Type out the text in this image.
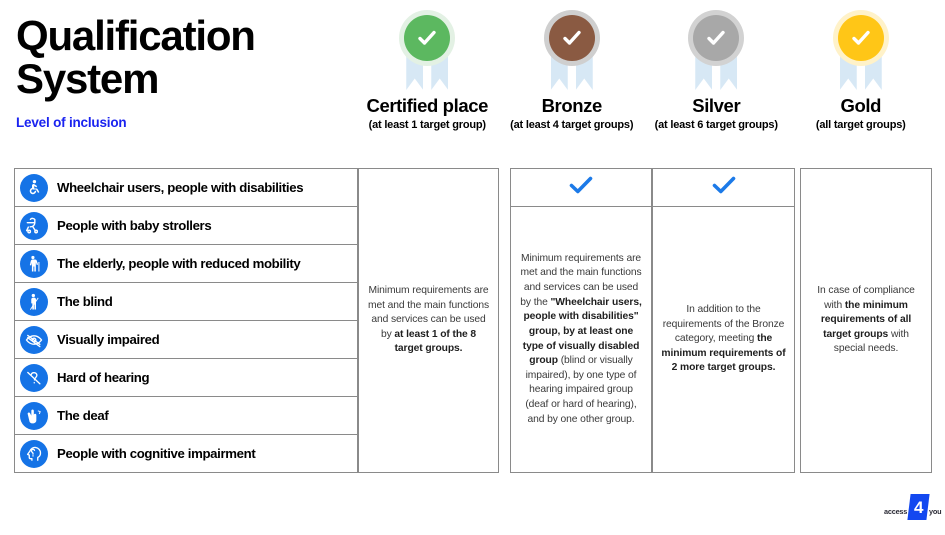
Qualification
System
Level of inclusion
Certified place
(at least 1 target group)
Bronze
(at least 4 target groups)
Silver
(at least 6 target groups)
Gold
(all target groups)
Wheelchair users, people with disabilities
People with baby strollers
The elderly, people with reduced mobility
The blind
Visually impaired
Hard of hearing
The deaf
People with cognitive impairment
Minimum requirements are met and the main functions and services can be used by at least 1 of the 8 target groups.
Minimum requirements are met and the main functions and services can be used by the "Wheelchair users, people with disabilities" group, by at least one type of visually disabled group (blind or visually impaired), by one type of hearing impaired group (deaf or hard of hearing), and by one other group.
In addition to the requirements of the Bronze category, meeting the minimum requirements of 2 more target groups.
In case of compliance with the minimum requirements of all target groups with special needs.
access 4 you
